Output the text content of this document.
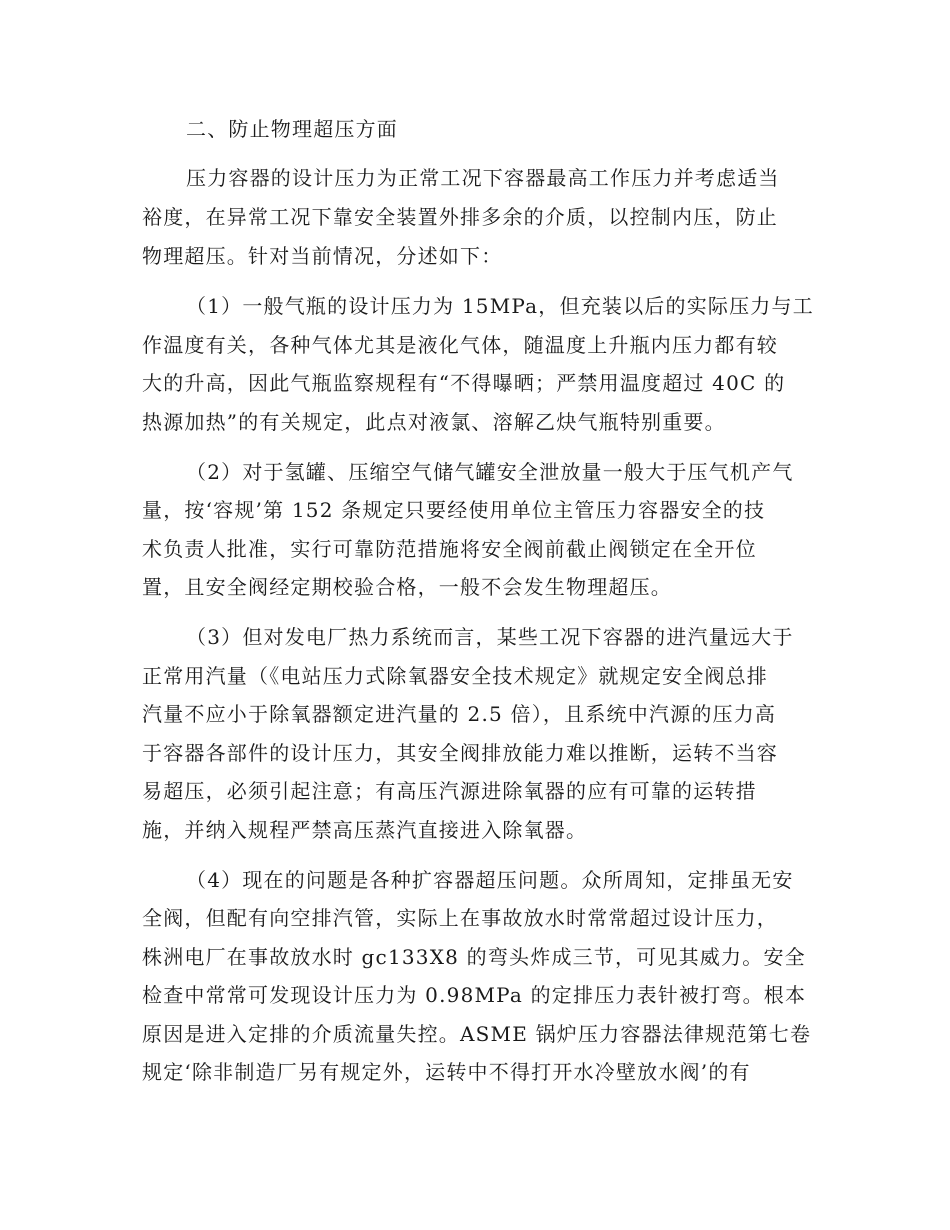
二、防止物理超压方面
压力容器的设计压力为正常工况下容器最高工作压力并考虑适当
裕度，在异常工况下靠安全装置外排多余的介质，以控制内压，防止
物理超压。针对当前情况，分述如下：
（1）一般气瓶的设计压力为 15MPa，但充装以后的实际压力与工
作温度有关，各种气体尤其是液化气体，随温度上升瓶内压力都有较
大的升高，因此气瓶监察规程有“不得曝晒；严禁用温度超过 40C 的
热源加热”的有关规定，此点对液氯、溶解乙炔气瓶特别重要。
（2）对于氢罐、压缩空气储气罐安全泄放量一般大于压气机产气
量，按‘容规’第 152 条规定只要经使用单位主管压力容器安全的技
术负责人批准，实行可靠防范措施将安全阀前截止阀锁定在全开位
置，且安全阀经定期校验合格，一般不会发生物理超压。
（3）但对发电厂热力系统而言，某些工况下容器的进汽量远大于
正常用汽量（《电站压力式除氧器安全技术规定》就规定安全阀总排
汽量不应小于除氧器额定进汽量的 2.5 倍），且系统中汽源的压力高
于容器各部件的设计压力，其安全阀排放能力难以推断，运转不当容
易超压，必须引起注意；有高压汽源进除氧器的应有可靠的运转措
施，并纳入规程严禁高压蒸汽直接进入除氧器。
（4）现在的问题是各种扩容器超压问题。众所周知，定排虽无安
全阀，但配有向空排汽管，实际上在事故放水时常常超过设计压力，
株洲电厂在事故放水时 gc133X8 的弯头炸成三节，可见其威力。安全
检查中常常可发现设计压力为 0.98MPa 的定排压力表针被打弯。根本
原因是进入定排的介质流量失控。ASME 锅炉压力容器法律规范第七卷
规定‘除非制造厂另有规定外，运转中不得打开水冷壁放水阀’的有
